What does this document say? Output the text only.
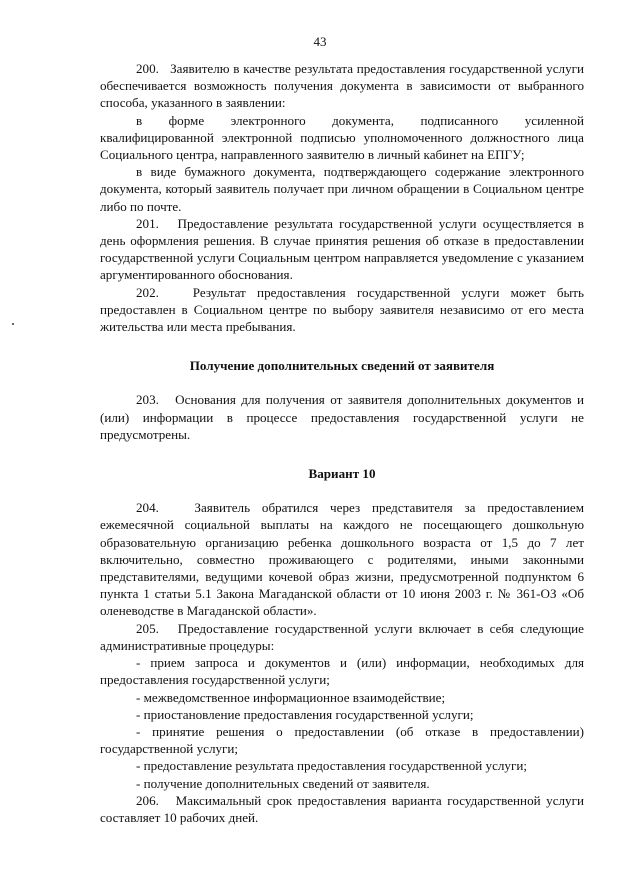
43

200.   Заявителю в качестве результата предоставления государственной услуги обеспечивается возможность получения документа в зависимости от выбранного способа, указанного в заявлении:

в форме электронного документа, подписанного усиленной квалифицированной электронной подписью уполномоченного должностного лица Социального центра, направленного заявителю в личный кабинет на ЕПГУ;

в виде бумажного документа, подтверждающего содержание электронного документа, который заявитель получает при личном обращении в Социальном центре либо по почте.

201.   Предоставление результата государственной услуги осуществляется в день оформления решения. В случае принятия решения об отказе в предоставлении государственной услуги Социальным центром направляется уведомление с указанием аргументированного обоснования.

202.   Результат предоставления государственной услуги может быть предоставлен в Социальном центре по выбору заявителя независимо от его места жительства или места пребывания.

Получение дополнительных сведений от заявителя

203.   Основания для получения от заявителя дополнительных документов и (или) информации в процессе предоставления государственной услуги не предусмотрены.

Вариант 10

204.   Заявитель обратился через представителя за предоставлением ежемесячной социальной выплаты на каждого не посещающего дошкольную образовательную организацию ребенка дошкольного возраста от 1,5 до 7 лет включительно, совместно проживающего с родителями, иными законными представителями, ведущими кочевой образ жизни, предусмотренной подпунктом 6 пункта 1 статьи 5.1 Закона Магаданской области от 10 июня 2003 г. № 361-ОЗ «Об оленеводстве в Магаданской области».

205.   Предоставление государственной услуги включает в себя следующие административные процедуры:

- прием запроса и документов и (или) информации, необходимых для предоставления государственной услуги;

- межведомственное информационное взаимодействие;

- приостановление предоставления государственной услуги;

- принятие решения о предоставлении (об отказе в предоставлении) государственной услуги;

- предоставление результата предоставления государственной услуги;

- получение дополнительных сведений от заявителя.

206.   Максимальный срок предоставления варианта государственной услуги составляет 10 рабочих дней.
